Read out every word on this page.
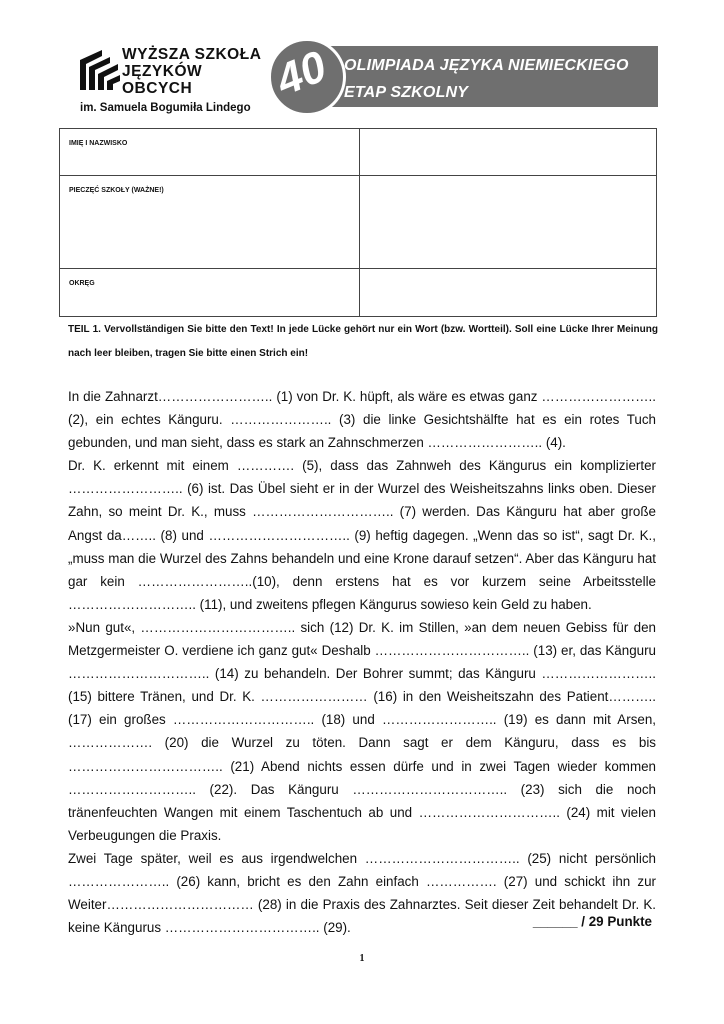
WYŻSZA SZKOŁA
JĘZYKÓW OBCYCH
im. Samuela Bogumiła Lindego
40 OLIMPIADA JĘZYKA NIEMIECKIEGO
ETAP SZKOLNY
IMIĘ I NAZWISKO	
PIECZĘĆ SZKOŁY (WAŻNE!)	
OKRĘG	
TEIL 1. Vervollständigen Sie bitte den Text! In jede Lücke gehört nur ein Wort (bzw. Wortteil). Soll eine Lücke Ihrer Meinung nach leer bleiben, tragen Sie bitte einen Strich ein!

In die Zahnarzt…………………….. (1) von Dr. K. hüpft, als wäre es etwas ganz …………………….. (2), ein echtes Känguru. ………………….. (3) die linke Gesichtshälfte hat es ein rotes Tuch gebunden, und man sieht, dass es stark an Zahnschmerzen …………………….. (4).

Dr. K. erkennt mit einem …………. (5), dass das Zahnweh des Kängurus ein komplizierter …………………….. (6) ist. Das Übel sieht er in der Wurzel des Weisheitszahns links oben. Dieser Zahn, so meint Dr. K., muss ………………………….. (7) werden. Das Känguru hat aber große Angst da…….. (8) und ………………………….. (9) heftig dagegen. „Wenn das so ist“, sagt Dr. K., „muss man die Wurzel des Zahns behandeln und eine Krone darauf setzen“. Aber das Känguru hat gar kein ……………………..(10), denn erstens hat es vor kurzem seine Arbeitsstelle ……………………….. (11), und zweitens pflegen Kängurus sowieso kein Geld zu haben.

»Nun gut«, …………………………….. sich (12) Dr. K. im Stillen, »an dem neuen Gebiss für den Metzgermeister O. verdiene ich ganz gut« Deshalb …………………………….. (13) er, das Känguru ………………………….. (14) zu behandeln. Der Bohrer summt; das Känguru …………………….. (15) bittere Tränen, und Dr. K. …………………… (16) in den Weisheitszahn des Patient……….. (17) ein großes ………………………….. (18) und …………………….. (19) es dann mit Arsen, ………………. (20) die Wurzel zu töten. Dann sagt er dem Känguru, dass es bis …………………………….. (21) Abend nichts essen dürfe und in zwei Tagen wieder kommen ……………………….. (22). Das Känguru …………………………….. (23) sich die noch tränenfeuchten Wangen mit einem Taschentuch ab und ………………………….. (24) mit vielen Verbeugungen die Praxis.

Zwei Tage später, weil es aus irgendwelchen …………………………….. (25) nicht persönlich ………………….. (26) kann, bricht es den Zahn einfach ……………. (27) und schickt ihn zur Weiter…………………………… (28) in die Praxis des Zahnarztes. Seit dieser Zeit behandelt Dr. K. keine Kängurus …………………………….. (29).	______ / 29 Punkte
1
